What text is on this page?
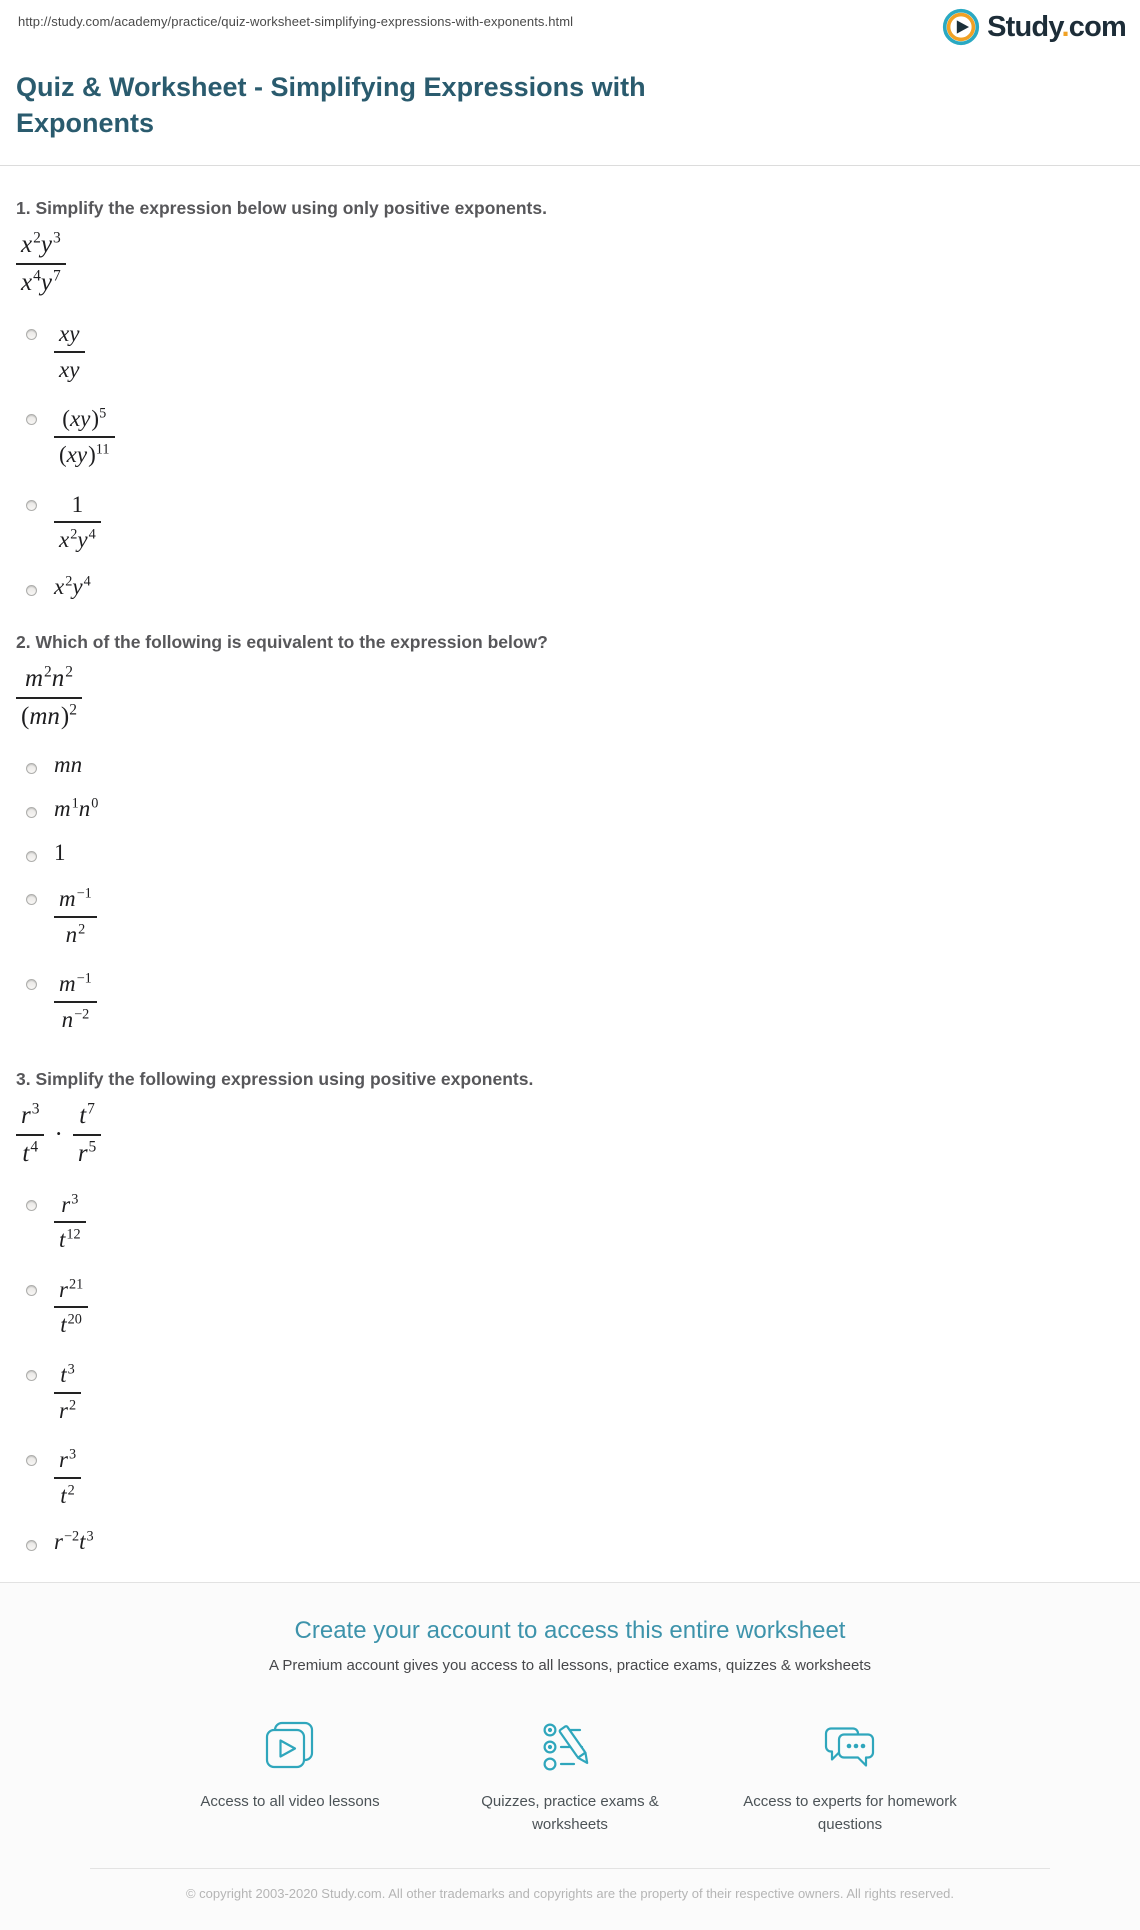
http://study.com/academy/practice/quiz-worksheet-simplifying-expressions-with-exponents.html	Study.com
Quiz & Worksheet - Simplifying Expressions with Exponents
1. Simplify the expression below using only positive exponents.
$\frac{x^2y^3}{x^4y^7}$
$\frac{xy}{xy}$
$\frac{(xy)^5}{(xy)^{11}}$
$\frac{1}{x^2y^4}$
$x^2y^4$
2. Which of the following is equivalent to the expression below?
$\frac{m^2n^2}{(mn)^2}$
mn
$m^1n^0$
1
$\frac{m^{-1}}{n^2}$
$\frac{m^{-1}}{n^{-2}}$
3. Simplify the following expression using positive exponents.
$\frac{r^3}{t^4} \cdot \frac{t^7}{r^5}$
$\frac{r^3}{t^{12}}$
$\frac{r^{21}}{t^{20}}$
$\frac{t^3}{r^2}$
$\frac{r^3}{t^2}$
$r^{-2}t^3$
Create your account to access this entire worksheet

A Premium account gives you access to all lessons, practice exams, quizzes & worksheets

Access to all video lessons	Quizzes, practice exams & worksheets
Access to experts for homework questions

© copyright 2003-2020 Study.com. All other trademarks and copyrights are the property of their respective owners. All rights reserved.
